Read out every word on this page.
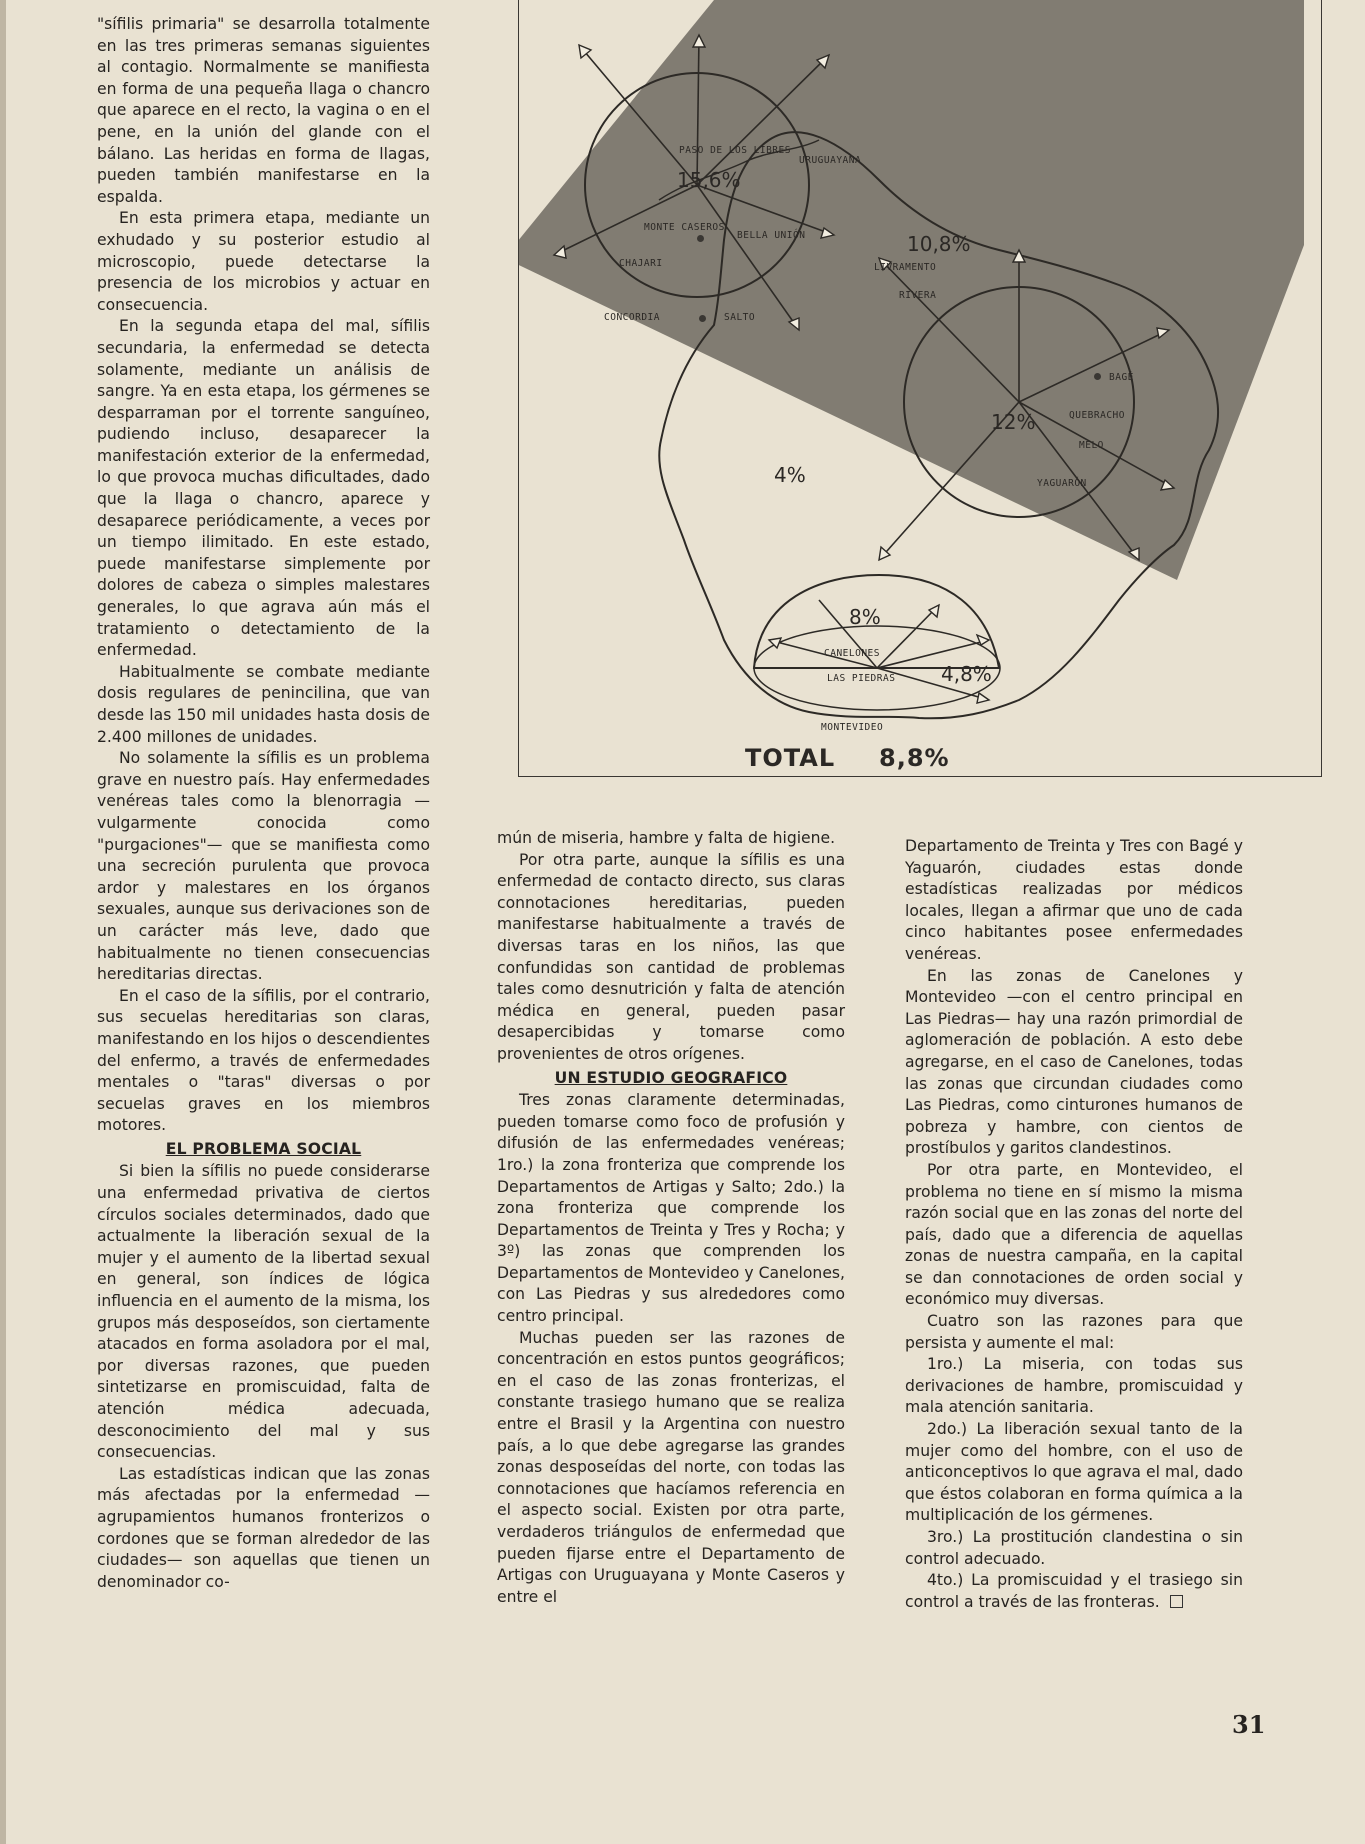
PASO DE LOS LIBRES
URUGUAYANA
MONTE CASEROS
BELLA UNIÓN
CHAJARI
CONCORDIA	SALTO
LIVRAMENTO
RIVERA
BAGÉ
QUEBRACHO
MELO
YAGUARÓN
CANELONES
LAS PIEDRAS
MONTEVIDEO
15,6%
10,8%
12%
8%
4,8%
4%
TOTAL 8,8%

"sífilis primaria" se desarrolla totalmente en las tres primeras semanas siguientes al contagio. Normalmente se manifiesta en forma de una pequeña llaga o chancro que aparece en el recto, la vagina o en el pene, en la unión del glande con el bálano. Las heridas en forma de llagas, pueden también manifestarse en la espalda.

En esta primera etapa, mediante un exhudado y su posterior estudio al microscopio, puede detectarse la presencia de los microbios y actuar en consecuencia.

En la segunda etapa del mal, sífilis secundaria, la enfermedad se detecta solamente, mediante un análisis de sangre. Ya en esta etapa, los gérmenes se desparraman por el torrente sanguíneo, pudiendo incluso, desaparecer la manifestación exterior de la enfermedad, lo que provoca muchas dificultades, dado que la llaga o chancro, aparece y desaparece periódicamente, a veces por un tiempo ilimitado. En este estado, puede manifestarse simplemente por dolores de cabeza o simples malestares generales, lo que agrava aún más el tratamiento o detectamiento de la enfermedad.

Habitualmente se combate mediante dosis regulares de penincilina, que van desde las 150 mil unidades hasta dosis de 2.400 millones de unidades.

No solamente la sífilis es un problema grave en nuestro país. Hay enfermedades venéreas tales como la blenorragia —vulgarmente conocida como "purgaciones"— que se manifiesta como una secreción purulenta que provoca ardor y malestares en los órganos sexuales, aunque sus derivaciones son de un carácter más leve, dado que habitualmente no tienen consecuencias hereditarias directas.

En el caso de la sífilis, por el contrario, sus secuelas hereditarias son claras, manifestando en los hijos o descendientes del enfermo, a través de enfermedades mentales o "taras" diversas o por secuelas graves en los miembros motores.

EL PROBLEMA SOCIAL

Si bien la sífilis no puede considerarse una enfermedad privativa de ciertos círculos sociales determinados, dado que actualmente la liberación sexual de la mujer y el aumento de la libertad sexual en general, son índices de lógica influencia en el aumento de la misma, los grupos más desposeídos, son ciertamente atacados en forma asoladora por el mal, por diversas razones, que pueden sintetizarse en promiscuidad, falta de atención médica adecuada, desconocimiento del mal y sus consecuencias.

Las estadísticas indican que las zonas más afectadas por la enfermedad —agrupamientos humanos fronterizos o cordones que se forman alrededor de las ciudades— son aquellas que tienen un denominador co-

mún de miseria, hambre y falta de higiene.

Por otra parte, aunque la sífilis es una enfermedad de contacto directo, sus claras connotaciones hereditarias, pueden manifestarse habitualmente a través de diversas taras en los niños, las que confundidas son cantidad de problemas tales como desnutrición y falta de atención médica en general, pueden pasar desapercibidas y tomarse como provenientes de otros orígenes.

UN ESTUDIO GEOGRAFICO

Tres zonas claramente determinadas, pueden tomarse como foco de profusión y difusión de las enfermedades venéreas; 1ro.) la zona fronteriza que comprende los Departamentos de Artigas y Salto; 2do.) la zona fronteriza que comprende los Departamentos de Treinta y Tres y Rocha; y 3º) las zonas que comprenden los Departamentos de Montevideo y Canelones, con Las Piedras y sus alrededores como centro principal.

Muchas pueden ser las razones de concentración en estos puntos geográficos; en el caso de las zonas fronterizas, el constante trasiego humano que se realiza entre el Brasil y la Argentina con nuestro país, a lo que debe agregarse las grandes zonas desposeídas del norte, con todas las connotaciones que hacíamos referencia en el aspecto social. Existen por otra parte, verdaderos triángulos de enfermedad que pueden fijarse entre el Departamento de Artigas con Uruguayana y Monte Caseros y entre el

Departamento de Treinta y Tres con Bagé y Yaguarón, ciudades estas donde estadísticas realizadas por médicos locales, llegan a afirmar que uno de cada cinco habitantes posee enfermedades venéreas.

En las zonas de Canelones y Montevideo —con el centro principal en Las Piedras— hay una razón primordial de aglomeración de población. A esto debe agregarse, en el caso de Canelones, todas las zonas que circundan ciudades como Las Piedras, como cinturones humanos de pobreza y hambre, con cientos de prostíbulos y garitos clandestinos.

Por otra parte, en Montevideo, el problema no tiene en sí mismo la misma razón social que en las zonas del norte del país, dado que a diferencia de aquellas zonas de nuestra campaña, en la capital se dan connotaciones de orden social y económico muy diversas.

Cuatro son las razones para que persista y aumente el mal:

1ro.) La miseria, con todas sus derivaciones de hambre, promiscuidad y mala atención sanitaria.

2do.) La liberación sexual tanto de la mujer como del hombre, con el uso de anticonceptivos lo que agrava el mal, dado que éstos colaboran en forma química a la multiplicación de los gérmenes.

3ro.) La prostitución clandestina o sin control adecuado.

4to.) La promiscuidad y el trasiego sin control a través de las fronteras.

31
